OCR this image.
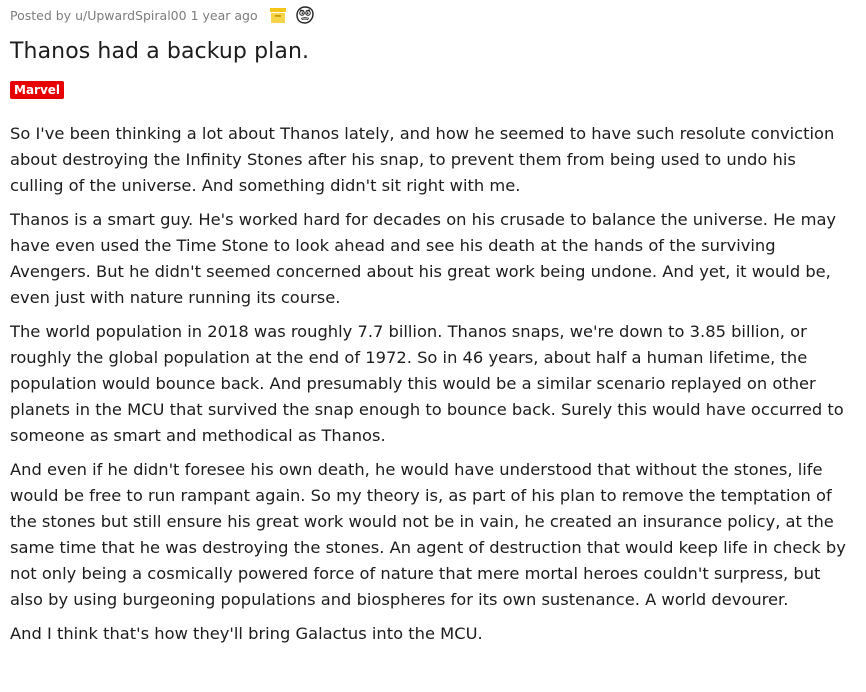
Posted by u/UpwardSpiral00 1 year ago
Thanos had a backup plan.
Marvel

So I've been thinking a lot about Thanos lately, and how he seemed to have such resolute conviction about destroying the Infinity Stones after his snap, to prevent them from being used to undo his culling of the universe. And something didn't sit right with me.

Thanos is a smart guy. He's worked hard for decades on his crusade to balance the universe. He may have even used the Time Stone to look ahead and see his death at the hands of the surviving Avengers. But he didn't seemed concerned about his great work being undone. And yet, it would be, even just with nature running its course.

The world population in 2018 was roughly 7.7 billion. Thanos snaps, we're down to 3.85 billion, or roughly the global population at the end of 1972. So in 46 years, about half a human lifetime, the population would bounce back. And presumably this would be a similar scenario replayed on other planets in the MCU that survived the snap enough to bounce back. Surely this would have occurred to someone as smart and methodical as Thanos.

And even if he didn't foresee his own death, he would have understood that without the stones, life would be free to run rampant again. So my theory is, as part of his plan to remove the temptation of the stones but still ensure his great work would not be in vain, he created an insurance policy, at the same time that he was destroying the stones. An agent of destruction that would keep life in check by not only being a cosmically powered force of nature that mere mortal heroes couldn't surpress, but also by using burgeoning populations and biospheres for its own sustenance. A world devourer.

And I think that's how they'll bring Galactus into the MCU.
